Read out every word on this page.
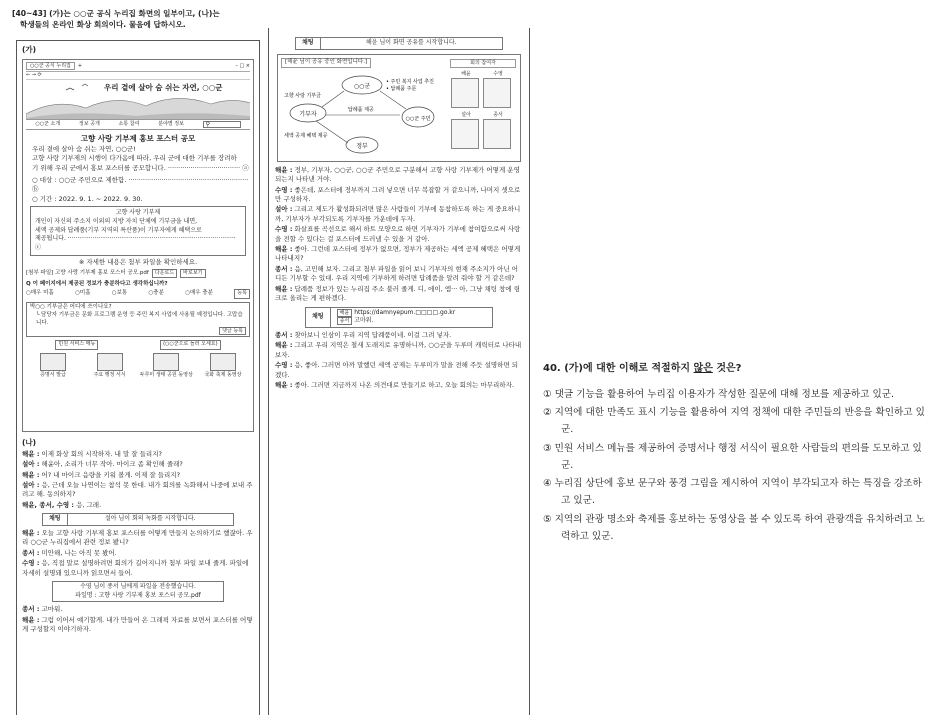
[40~43] (가)는 ○○군 공식 누리집 화면의 일부이고, (나)는
학생들의 온라인 화상 회의이다. 물음에 답하시오.
(가)
○○군 공식 누리집	+	– □ ×
← → ⟳
우리 곁에 살아 숨 쉬는 자연, ○○군
○○군 소개	정보 공개	소통 참여	분야별 정보	⚲
고향 사랑 기부제 홍보 포스터 공모
우리 곁에 살아 숨 쉬는 자연, ○○군!
고향 사랑 기부제의 시행이 다가옴에 따라, 우리 군에 대한 기부를 장려하
기 위해 우리 군에서 홍보 포스터를 공모합니다. ··································· ⓐ
○ 대상 : ○○군 주민으로 제한함. ·························································· ⓑ
○ 기간 : 2022. 9. 1. ~ 2022. 9. 30.
고향 사랑 기부제
개인이 자신의 주소지 이외의 지방 자치 단체에 기부금을 내면,
세액 공제와 답례품(기부 지역의 특산품)이 기부자에게 혜택으로
제공됩니다. ························································································ ⓒ
※ 자세한 내용은 첨부 파일을 확인하세요.
[첨부 파일] 고향 사랑 기부제 홍보 포스터 공모.pdf	다운로드	바로보기
Q 이 페이지에서 제공된 정보가 충분하다고 생각하십니까?
○매우 미흡	○미흡	○보통	○충분	○매우 충분	등록
박○○ 기부금은 어디에 쓰이나요?
└ 담당자 기부금은 문화 프로그램 운영 등 주민 복지 사업에 사용될 예정입니다. 고맙습니다.
댓글 등록
민원 서비스 메뉴	(○○군으로 놀러 오세요)
증명서 발급	주요 행정 서식	두루미 생태 공원 동영상	국화 축제 동영상
(나)

해윤 : 이제 화상 회의 시작하자. 내 말 잘 들리지?

설아 : 해윤아, 소리가 너무 작아. 마이크 좀 확인해 줄래?

해윤 : 어? 내 마이크 음량을 키워 볼게. 이제 잘 들리지?

설아 : 응, 근데 오늘 나연이는 참석 못 한대. 내가 회의를 녹화해서 나중에 보내 주려고 해. 동의하지?

해윤, 종서, 수영 : 응, 그래.

채팅	설아 님이 회의 녹화를 시작합니다.

해윤 : 오늘 고향 사랑 기부제 홍보 포스터를 어떻게 만들지 논의하기로 했잖아. 우리 ○○군 누리집에서 관련 정보 봤니?

종서 : 미안해, 나는 아직 못 봤어.

수영 : 응, 직접 말로 설명하려면 회의가 길어지니까 첨부 파일 보내 줄게. 파일에 자세히 설명돼 있으니까 읽으면서 들어.

수영 님이 종서 님에게 파일을 전송했습니다.
파일명 : 고향 사랑 기부제 홍보 포스터 공모.pdf

종서 : 고마워.

해윤 : 그럼 이어서 얘기할게. 내가 만들어 온 그래픽 자료를 보면서 포스터를 어떻게 구성할지 이야기하자.

채팅	해윤 님이 화면 공유를 시작합니다.
[해윤 님이 공유 중인 화면입니다.]
○○군
기부자
○○군 주민
정부
고향 사랑 기부금
답례품 제공
세액 공제 혜택 제공
• 주민 복지 사업 추진
• 답례품 주문
회의 참여자
해윤	수영

설아	종서

해윤 : 정부, 기부자, ○○군, ○○군 주민으로 구분해서 고향 사랑 기부제가 어떻게 운영되는지 나타낸 거야.

수영 : 좋은데, 포스터에 정부까지 그려 넣으면 너무 복잡할 거 같으니까, 나머지 셋으로만 구성하자.

설아 : 그리고 제도가 활성화되려면 많은 사람들이 기부에 동참하도록 하는 게 중요하니까, 기부자가 부각되도록 기부자를 가운데에 두자.

수영 : 화살표를 곡선으로 해서 하트 모양으로 하면 기부자가 기부에 참여함으로써 사랑을 전할 수 있다는 걸 포스터에 드러낼 수 있을 거 같아.

해윤 : 좋아. 그런데 포스터에 정부가 없으면, 정부가 제공하는 세액 공제 혜택은 어떻게 나타내지?

종서 : 음, 고민해 보자. 그리고 첨부 파일을 읽어 보니 기부자의 현재 주소지가 아닌 어디든 기부할 수 있대. 우리 지역에 기부하게 하려면 답례품을 알려 줘야 할 거 같은데?

해윤 : 답례품 정보가 있는 누리집 주소 불러 줄게. 디, 에이, 엠··· 아, 그냥 채팅 창에 링크로 올리는 게 편하겠다.

채팅
해윤 https://damnyepum.□□□□.go.kr
종서 고마워.

종서 : 찾아보니 인삼이 우리 지역 답례품이네. 이걸 그려 넣자.

해윤 : 그리고 우리 지역은 철새 도래지로 유명하니까, ○○군을 두루미 캐릭터로 나타내 보자.

수영 : 응, 좋아. 그러면 아까 말했던 세액 공제는 두루미가 말을 전해 주듯 설명하면 되겠다.

해윤 : 좋아. 그러면 지금까지 나온 의견대로 만들기로 하고, 오늘 회의는 마무리하자.

40. (가)에 대한 이해로 적절하지 않은 것은?
① 댓글 기능을 활용하여 누리집 이용자가 작성한 질문에 대해 정보를 제공하고 있군.
② 지역에 대한 만족도 표시 기능을 활용하여 지역 정책에 대한 주민들의 반응을 확인하고 있군.
③ 민원 서비스 메뉴를 제공하여 증명서나 행정 서식이 필요한 사람들의 편의를 도모하고 있군.
④ 누리집 상단에 홍보 문구와 풍경 그림을 제시하여 지역이 부각되고자 하는 특징을 강조하고 있군.
⑤ 지역의 관광 명소와 축제를 홍보하는 동영상을 볼 수 있도록 하여 관광객을 유치하려고 노력하고 있군.
